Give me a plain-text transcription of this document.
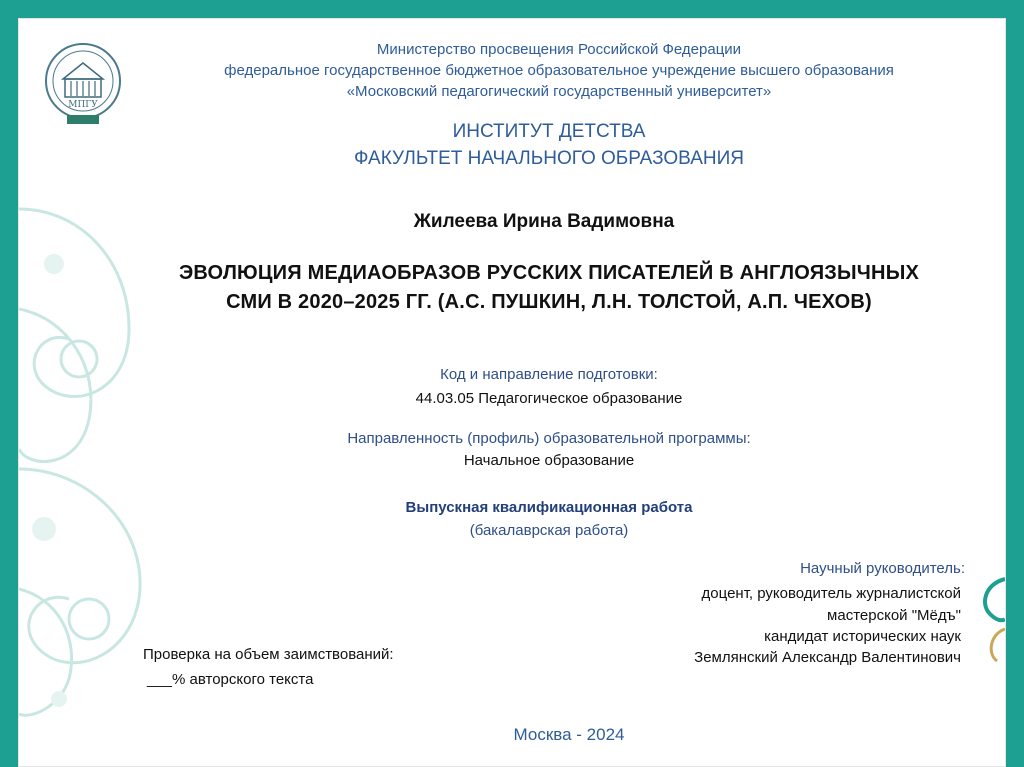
МПГУ
Министерство просвещения Российской Федерации
федеральное государственное бюджетное образовательное учреждение высшего образования
«Московский педагогический государственный университет»
ИНСТИТУТ ДЕТСТВА
ФАКУЛЬТЕТ НАЧАЛЬНОГО ОБРАЗОВАНИЯ
Жилеева Ирина Вадимовна
ЭВОЛЮЦИЯ МЕДИАОБРАЗОВ РУССКИХ ПИСАТЕЛЕЙ В АНГЛОЯЗЫЧНЫХ СМИ В 2020–2025 ГГ. (А.С. ПУШКИН, Л.Н. ТОЛСТОЙ, А.П. ЧЕХОВ)
Код и направление подготовки:
44.03.05 Педагогическое образование
Направленность (профиль) образовательной программы:
Начальное образование
Выпускная квалификационная работа
(бакалаврская работа)
Научный руководитель:
доцент, руководитель журналистской
мастерской "Мёдъ"
кандидат исторических наук
Землянский Александр Валентинович
Проверка на объем заимствований:
___% авторского текста
Москва - 2024
